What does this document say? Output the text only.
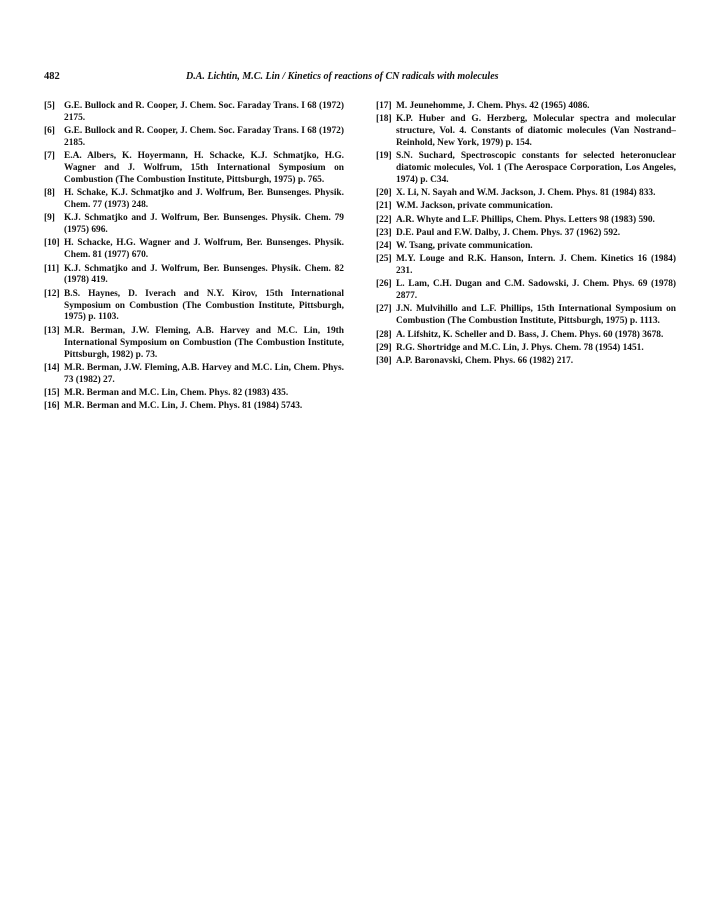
482	D.A. Lichtin, M.C. Lin / Kinetics of reactions of CN radicals with molecules
[5] G.E. Bullock and R. Cooper, J. Chem. Soc. Faraday Trans. I 68 (1972) 2175.
[6] G.E. Bullock and R. Cooper, J. Chem. Soc. Faraday Trans. I 68 (1972) 2185.
[7] E.A. Albers, K. Hoyermann, H. Schacke, K.J. Schmatjko, H.G. Wagner and J. Wolfrum, 15th International Symposium on Combustion (The Combustion Institute, Pittsburgh, 1975) p. 765.
[8] H. Schake, K.J. Schmatjko and J. Wolfrum, Ber. Bunsenges. Physik. Chem. 77 (1973) 248.
[9] K.J. Schmatjko and J. Wolfrum, Ber. Bunsenges. Physik. Chem. 79 (1975) 696.
[10] H. Schacke, H.G. Wagner and J. Wolfrum, Ber. Bunsenges. Physik. Chem. 81 (1977) 670.
[11] K.J. Schmatjko and J. Wolfrum, Ber. Bunsenges. Physik. Chem. 82 (1978) 419.
[12] B.S. Haynes, D. Iverach and N.Y. Kirov, 15th International Symposium on Combustion (The Combustion Institute, Pittsburgh, 1975) p. 1103.
[13] M.R. Berman, J.W. Fleming, A.B. Harvey and M.C. Lin, 19th International Symposium on Combustion (The Combustion Institute, Pittsburgh, 1982) p. 73.
[14] M.R. Berman, J.W. Fleming, A.B. Harvey and M.C. Lin, Chem. Phys. 73 (1982) 27.
[15] M.R. Berman and M.C. Lin, Chem. Phys. 82 (1983) 435.
[16] M.R. Berman and M.C. Lin, J. Chem. Phys. 81 (1984) 5743.
[17] M. Jeunehomme, J. Chem. Phys. 42 (1965) 4086.
[18] K.P. Huber and G. Herzberg, Molecular spectra and molecular structure, Vol. 4. Constants of diatomic molecules (Van Nostrand–Reinhold, New York, 1979) p. 154.
[19] S.N. Suchard, Spectroscopic constants for selected heteronuclear diatomic molecules, Vol. 1 (The Aerospace Corporation, Los Angeles, 1974) p. C34.
[20] X. Li, N. Sayah and W.M. Jackson, J. Chem. Phys. 81 (1984) 833.
[21] W.M. Jackson, private communication.
[22] A.R. Whyte and L.F. Phillips, Chem. Phys. Letters 98 (1983) 590.
[23] D.E. Paul and F.W. Dalby, J. Chem. Phys. 37 (1962) 592.
[24] W. Tsang, private communication.
[25] M.Y. Louge and R.K. Hanson, Intern. J. Chem. Kinetics 16 (1984) 231.
[26] L. Lam, C.H. Dugan and C.M. Sadowski, J. Chem. Phys. 69 (1978) 2877.
[27] J.N. Mulvihillo and L.F. Phillips, 15th International Symposium on Combustion (The Combustion Institute, Pittsburgh, 1975) p. 1113.
[28] A. Lifshitz, K. Scheller and D. Bass, J. Chem. Phys. 60 (1978) 3678.
[29] R.G. Shortridge and M.C. Lin, J. Phys. Chem. 78 (1954) 1451.
[30] A.P. Baronavski, Chem. Phys. 66 (1982) 217.
